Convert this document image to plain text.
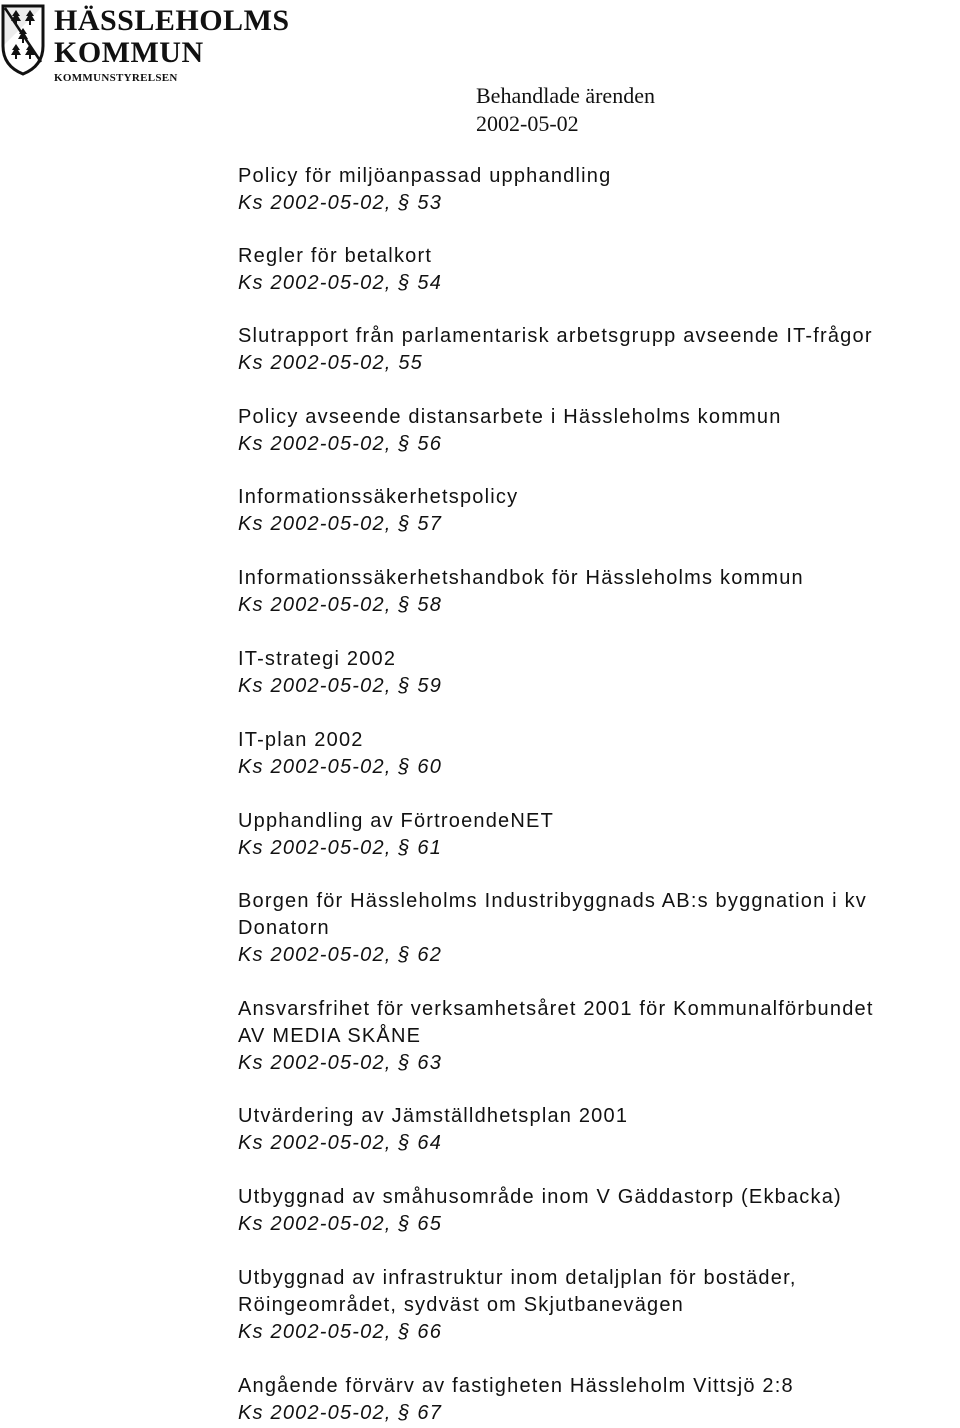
HÄSSLEHOLMS
KOMMUN
KOMMUNSTYRELSEN
Behandlade ärenden
2002-05-02
Policy för miljöanpassad upphandling
Ks 2002-05-02, § 53
Regler för betalkort
Ks 2002-05-02, § 54
Slutrapport från parlamentarisk arbetsgrupp avseende IT-frågor
Ks 2002-05-02, 55
Policy avseende distansarbete i Hässleholms kommun
Ks 2002-05-02, § 56
Informationssäkerhetspolicy
Ks 2002-05-02, § 57
Informationssäkerhetshandbok för Hässleholms kommun
Ks 2002-05-02, § 58
IT-strategi 2002
Ks 2002-05-02, § 59
IT-plan 2002
Ks 2002-05-02, § 60
Upphandling av FörtroendeNET
Ks 2002-05-02, § 61
Borgen för Hässleholms Industribyggnads AB:s byggnation i kv
Donatorn
Ks 2002-05-02, § 62
Ansvarsfrihet för verksamhetsåret 2001 för Kommunalförbundet
AV MEDIA SKÅNE
Ks 2002-05-02, § 63
Utvärdering av Jämställdhetsplan 2001
Ks 2002-05-02, § 64
Utbyggnad av småhusområde inom V Gäddastorp (Ekbacka)
Ks 2002-05-02, § 65
Utbyggnad av infrastruktur inom detaljplan för bostäder,
Röingeområdet, sydväst om Skjutbanevägen
Ks 2002-05-02, § 66
Angående förvärv av fastigheten Hässleholm Vittsjö 2:8
Ks 2002-05-02, § 67
